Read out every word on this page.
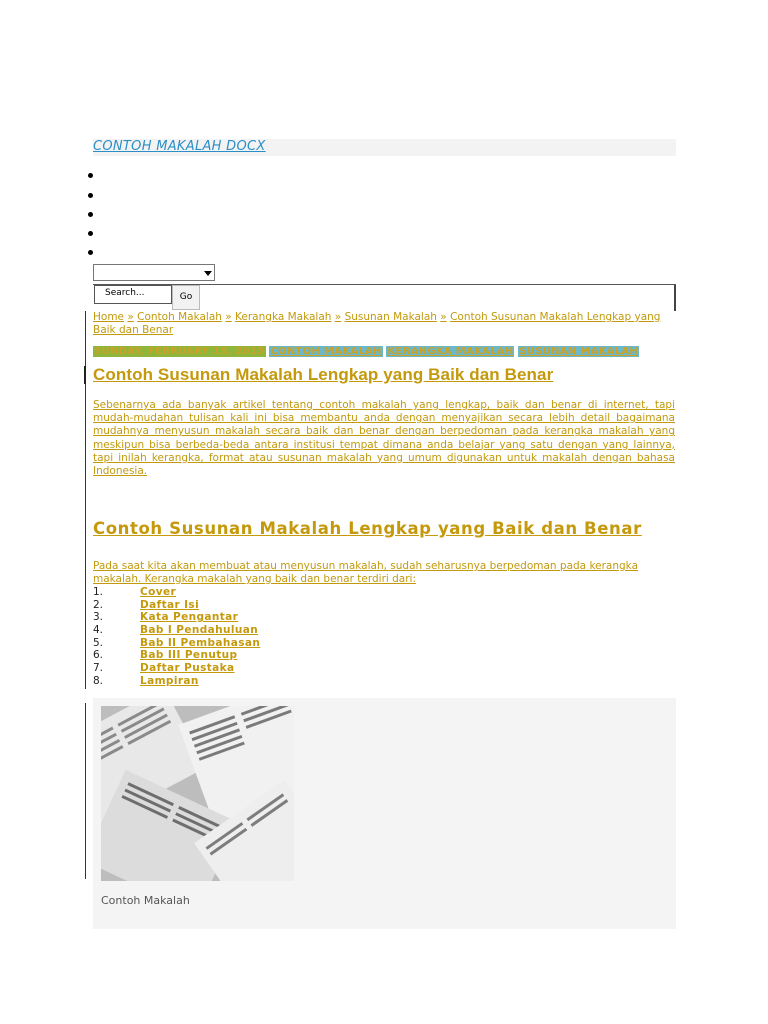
CONTOH MAKALAH DOCX
Search...	Go
Home » Contoh Makalah » Kerangka Makalah » Susunan Makalah » Contoh Susunan Makalah Lengkap yang Baik dan Benar
SUNDAY, FEBRUARY 15, 2015 CONTOH MAKALAH KERANGKA MAKALAH SUSUNAN MAKALAH
Contoh Susunan Makalah Lengkap yang Baik dan Benar
Sebenarnya ada banyak artikel tentang contoh makalah yang lengkap, baik dan benar di internet, tapi mudah-mudahan tulisan kali ini bisa membantu anda dengan menyajikan secara lebih detail bagaimana mudahnya menyusun makalah secara baik dan benar dengan berpedoman pada kerangka makalah yang meskipun bisa berbeda-beda antara institusi tempat dimana anda belajar yang satu dengan yang lainnya, tapi inilah kerangka, format atau susunan makalah yang umum digunakan untuk makalah dengan bahasa Indonesia.
Contoh Susunan Makalah Lengkap yang Baik dan Benar
Pada saat kita akan membuat atau menyusun makalah, sudah seharusnya berpedoman pada kerangka makalah. Kerangka makalah yang baik dan benar terdiri dari:
1.	Cover
2.	Daftar Isi
3.	Kata Pengantar
4.	Bab I Pendahuluan
5.	Bab II Pembahasan
6.	Bab III Penutup
7.	Daftar Pustaka
8.	Lampiran
Contoh Makalah
